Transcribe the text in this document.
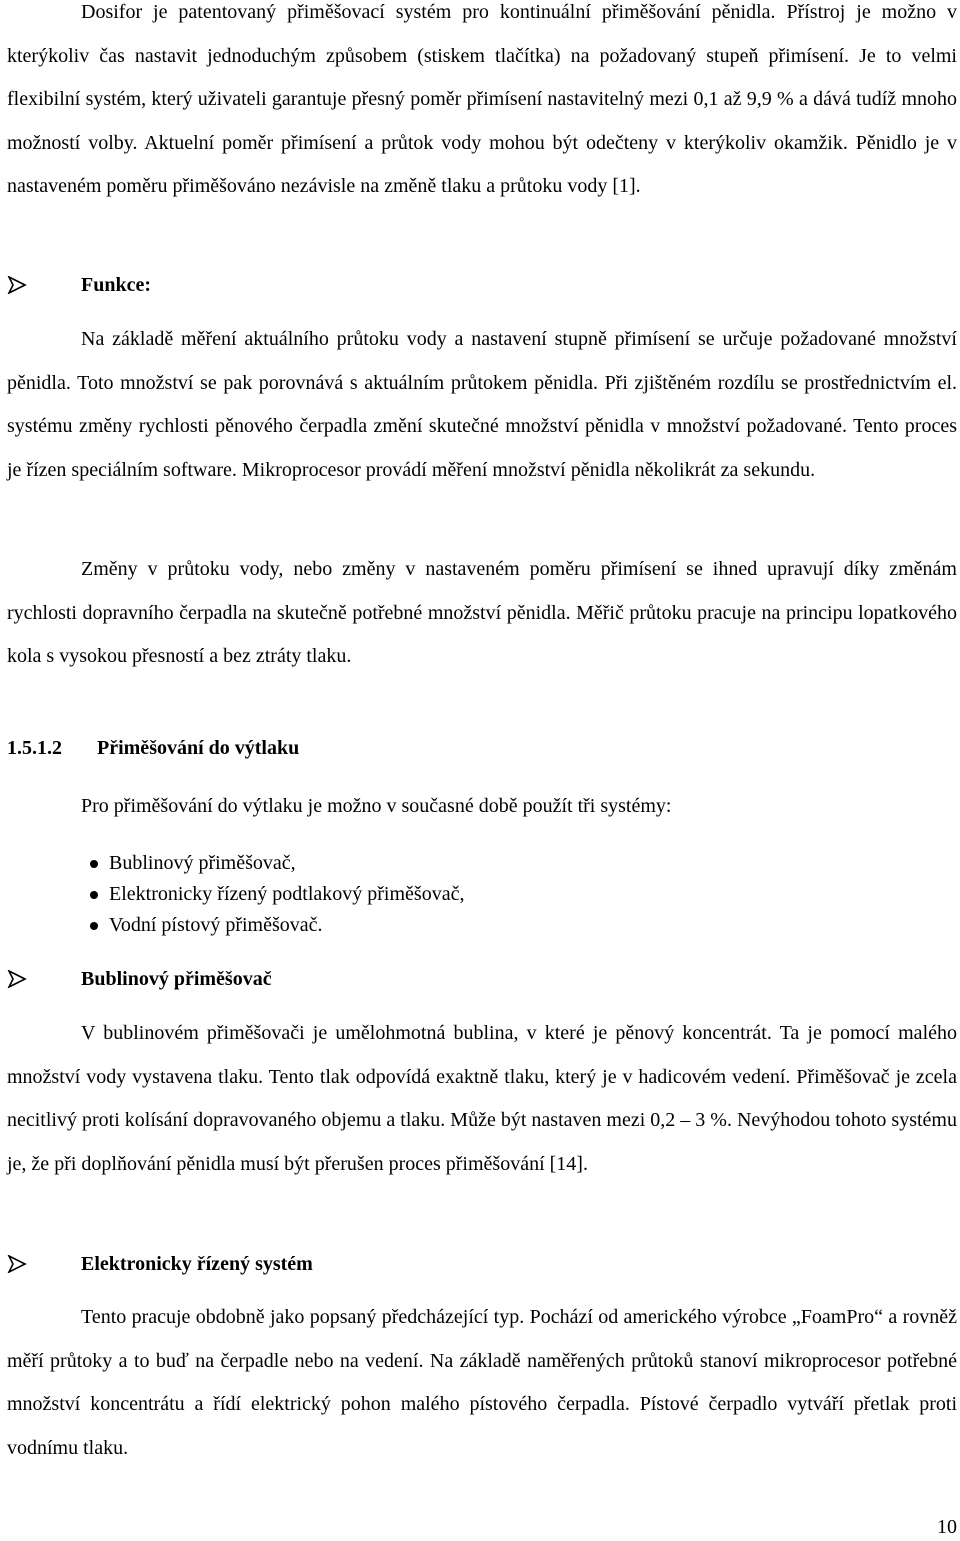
Dosifor je patentovaný přiměšovací systém pro kontinuální přiměšování pěnidla. Přístroj je možno v kterýkoliv čas nastavit jednoduchým způsobem (stiskem tlačítka) na požadovaný stupeň přimísení. Je to velmi flexibilní systém, který uživateli garantuje přesný poměr přimísení nastavitelný mezi 0,1 až 9,9 % a dává tudíž mnoho možností volby. Aktuelní poměr přimísení a průtok vody mohou být odečteny v kterýkoliv okamžik. Pěnidlo je v nastaveném poměru přiměšováno nezávisle na změně tlaku a průtoku vody [1].

Funkce:

Na základě měření aktuálního průtoku vody a nastavení stupně přimísení se určuje požadované množství pěnidla. Toto množství se pak porovnává s aktuálním průtokem pěnidla. Při zjištěném rozdílu se prostřednictvím el. systému změny rychlosti pěnového čerpadla změní skutečné množství pěnidla v množství požadované. Tento proces je řízen speciálním software. Mikroprocesor provádí měření množství pěnidla několikrát za sekundu.

Změny v průtoku vody, nebo změny v nastaveném poměru přimísení se ihned upravují díky změnám rychlosti dopravního čerpadla na skutečně potřebné množství pěnidla. Měřič průtoku pracuje na principu lopatkového kola s vysokou přesností a bez ztráty tlaku.

1.5.1.2	Přiměšování do výtlaku

Pro přiměšování do výtlaku je možno v současné době použít tři systémy:

Bublinový přiměšovač,
Elektronicky řízený podtlakový přiměšovač,
Vodní pístový přiměšovač.
Bublinový přiměšovač

V bublinovém přiměšovači je umělohmotná bublina, v které je pěnový koncentrát. Ta je pomocí malého množství vody vystavena tlaku. Tento tlak odpovídá exaktně tlaku, který je v hadicovém vedení. Přiměšovač je zcela necitlivý proti kolísání dopravovaného objemu a tlaku. Může být nastaven mezi 0,2 – 3 %. Nevýhodou tohoto systému je, že při doplňování pěnidla musí být přerušen proces přiměšování [14].

Elektronicky řízený systém

Tento pracuje obdobně jako popsaný předcházející typ. Pochází od amerického výrobce „FoamPro“ a rovněž měří průtoky a to buď na čerpadle nebo na vedení. Na základě naměřených průtoků stanoví mikroprocesor potřebné množství koncentrátu a řídí elektrický pohon malého pístového čerpadla. Pístové čerpadlo vytváří přetlak proti vodnímu tlaku.

10
